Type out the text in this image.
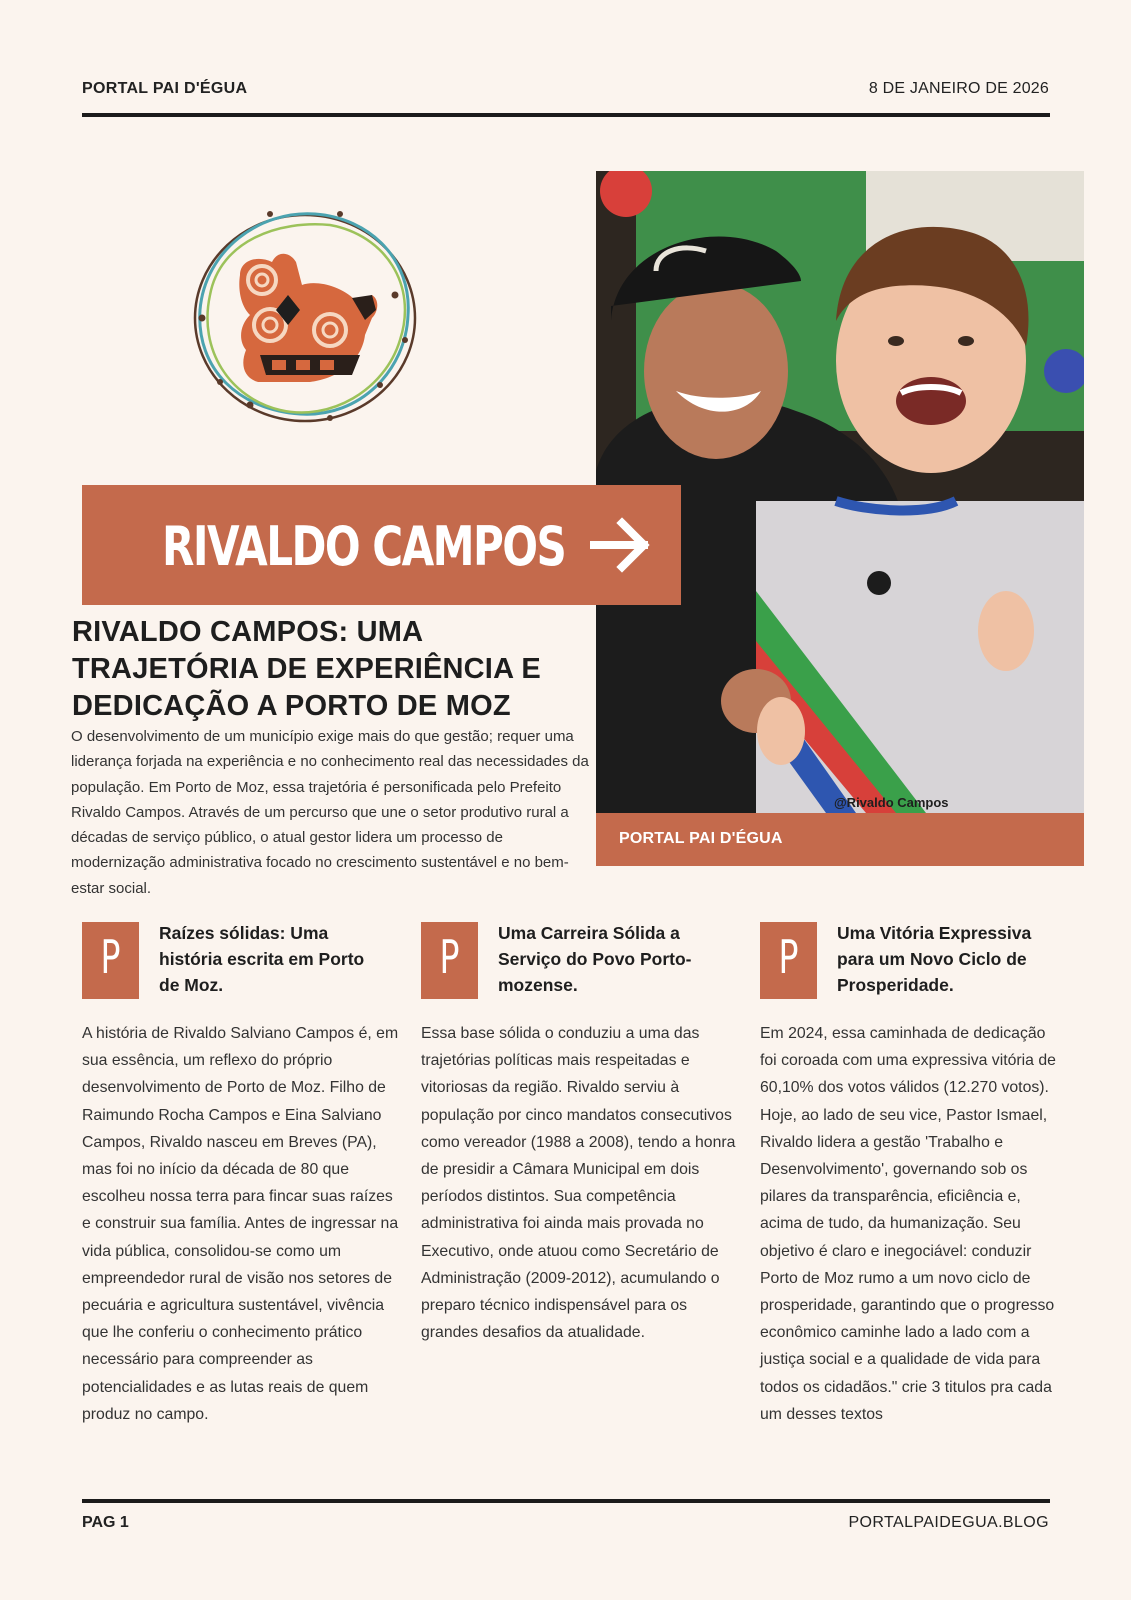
PORTAL PAI D'ÉGUA	8 DE JANEIRO DE 2026
@Rivaldo Campos
PORTAL PAI D'ÉGUA
RIVALDO CAMPOS
RIVALDO CAMPOS: UMA TRAJETÓRIA DE EXPERIÊNCIA E DEDICAÇÃO A PORTO DE MOZ
O desenvolvimento de um município exige mais do que gestão; requer uma liderança forjada na experiência e no conhecimento real das necessidades da população. Em Porto de Moz, essa trajetória é personificada pelo Prefeito Rivaldo Campos. Através de um percurso que une o setor produtivo rural a décadas de serviço público, o atual gestor lidera um processo de modernização administrativa focado no crescimento sustentável e no bem-estar social.
P	Raízes sólidas: Uma história escrita em Porto de Moz.
A história de Rivaldo Salviano Campos é, em sua essência, um reflexo do próprio desenvolvimento de Porto de Moz. Filho de Raimundo Rocha Campos e Eina Salviano Campos, Rivaldo nasceu em Breves (PA), mas foi no início da década de 80 que escolheu nossa terra para fincar suas raízes e construir sua família. Antes de ingressar na vida pública, consolidou-se como um empreendedor rural de visão nos setores de pecuária e agricultura sustentável, vivência que lhe conferiu o conhecimento prático necessário para compreender as potencialidades e as lutas reais de quem produz no campo.
P	Uma Carreira Sólida a Serviço do Povo Porto-mozense.
Essa base sólida o conduziu a uma das trajetórias políticas mais respeitadas e vitoriosas da região. Rivaldo serviu à população por cinco mandatos consecutivos como vereador (1988 a 2008), tendo a honra de presidir a Câmara Municipal em dois períodos distintos. Sua competência administrativa foi ainda mais provada no Executivo, onde atuou como Secretário de Administração (2009-2012), acumulando o preparo técnico indispensável para os grandes desafios da atualidade.
P	Uma Vitória Expressiva para um Novo Ciclo de Prosperidade.
Em 2024, essa caminhada de dedicação foi coroada com uma expressiva vitória de 60,10% dos votos válidos (12.270 votos). Hoje, ao lado de seu vice, Pastor Ismael, Rivaldo lidera a gestão 'Trabalho e Desenvolvimento', governando sob os pilares da transparência, eficiência e, acima de tudo, da humanização. Seu objetivo é claro e inegociável: conduzir Porto de Moz rumo a um novo ciclo de prosperidade, garantindo que o progresso econômico caminhe lado a lado com a justiça social e a qualidade de vida para todos os cidadãos." crie 3 titulos pra cada um desses textos
PAG 1	PORTALPAIDEGUA.BLOG
